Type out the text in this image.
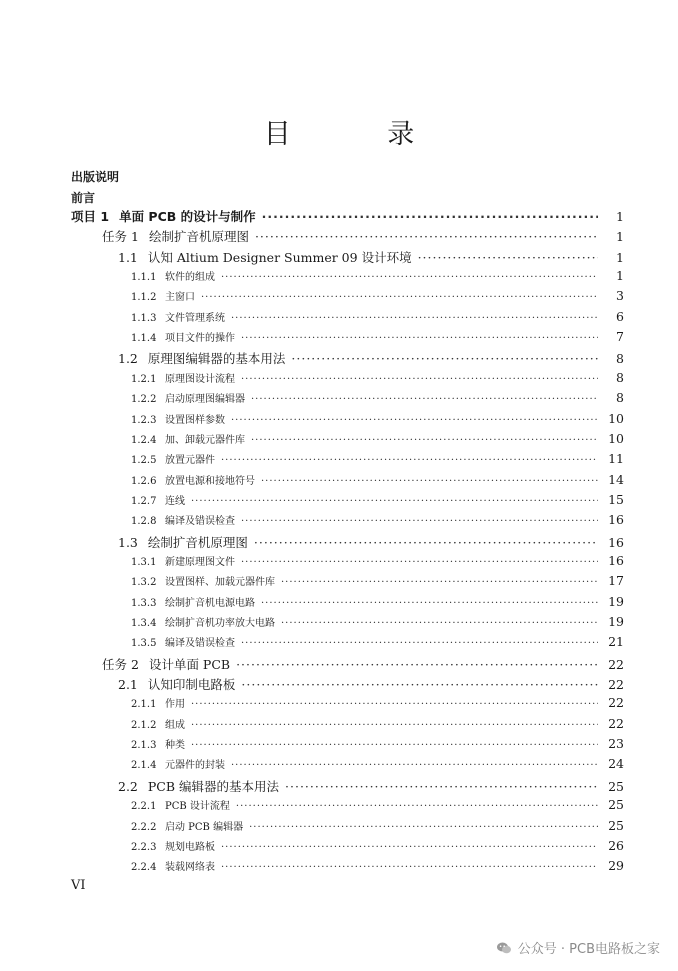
目 录
出版说明
前言
项目 1 单面 PCB 的设计与制作 ·····	1
任务 1 绘制扩音机原理图 ·····	1
1.1 认知 Altium Designer Summer 09 设计环境 ·····	1
1.1.1 软件的组成 ·····	1
1.1.2 主窗口 ·····	3
1.1.3 文件管理系统 ·····	6
1.1.4 项目文件的操作 ·····	7
1.2 原理图编辑器的基本用法 ·····	8
1.2.1 原理图设计流程 ·····	8
1.2.2 启动原理图编辑器 ·····	8
1.2.3 设置图样参数 ·····	10
1.2.4 加、卸载元器件库 ·····	10
1.2.5 放置元器件 ·····	11
1.2.6 放置电源和接地符号 ·····	14
1.2.7 连线 ·····	15
1.2.8 编译及错误检查 ·····	16
1.3 绘制扩音机原理图 ·····	16
1.3.1 新建原理图文件 ·····	16
1.3.2 设置图样、加载元器件库 ·····	17
1.3.3 绘制扩音机电源电路 ·····	19
1.3.4 绘制扩音机功率放大电路 ·····	19
1.3.5 编译及错误检查 ·····	21
任务 2 设计单面 PCB ·····	22
2.1 认知印制电路板 ·····	22
2.1.1 作用 ·····	22
2.1.2 组成 ·····	22
2.1.3 种类 ·····	23
2.1.4 元器件的封装 ·····	24
2.2 PCB 编辑器的基本用法 ·····	25
2.2.1 PCB 设计流程 ·····	25
2.2.2 启动 PCB 编辑器 ·····	25
2.2.3 规划电路板 ·····	26
2.2.4 装载网络表 ·····	29
VI
公众号 · PCB电路板之家
